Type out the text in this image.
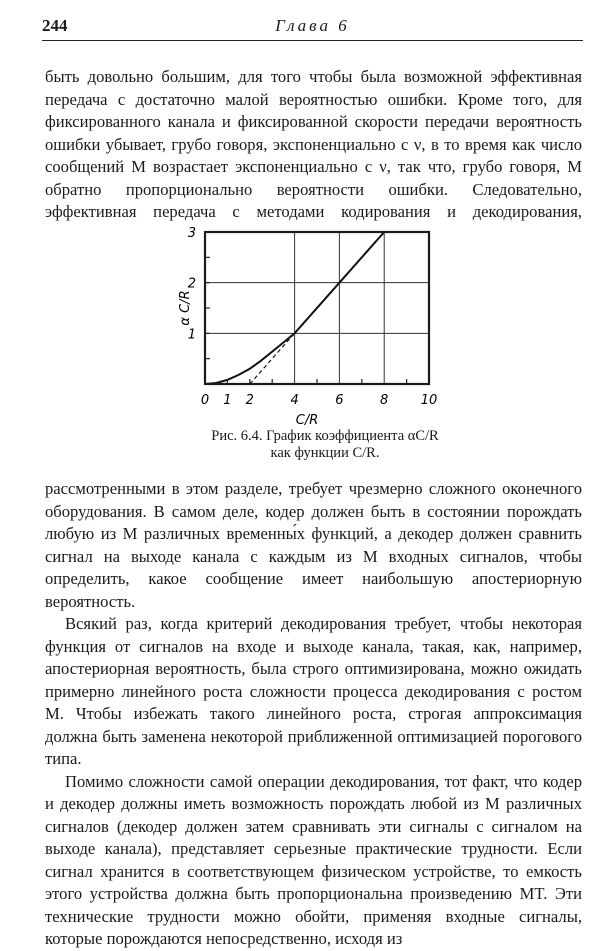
244	Глава 6

быть довольно большим, для того чтобы была возможной эффективная передача с достаточно малой вероятностью ошибки. Кроме того, для фиксированного канала и фиксированной скорости передачи вероятность ошибки убывает, грубо говоря, экспоненциально с ν, в то время как число сообщений M возрастает экспоненциально с ν, так что, грубо говоря, M обратно пропорционально вероятности ошибки. Следовательно, эффективная передача с методами кодирования и декодирования,

0 1 2	4	6	8 10
1
2
3
C/R
α C/R
Рис. 6.4. График коэффициента αC/R
как функции C/R.

рассмотренными в этом разделе, требует чрезмерно сложного оконечного оборудования. В самом деле, кодер должен быть в состоянии порождать любую из M различных временны́х функций, а декодер должен сравнить сигнал на выходе канала с каждым из M входных сигналов, чтобы определить, какое сообщение имеет наибольшую апостериорную вероятность.

Всякий раз, когда критерий декодирования требует, чтобы некоторая функция от сигналов на входе и выходе канала, такая, как, например, апостериорная вероятность, была строго оптимизирована, можно ожидать примерно линейного роста сложности процесса декодирования с ростом M. Чтобы избежать такого линейного роста, строгая аппроксимация должна быть заменена некоторой приближенной оптимизацией порогового типа.

Помимо сложности самой операции декодирования, тот факт, что кодер и декодер должны иметь возможность порождать любой из M различных сигналов (декодер должен затем сравнивать эти сигналы с сигналом на выходе канала), представляет серьезные практические трудности. Если сигнал хранится в соответствующем физическом устройстве, то емкость этого устройства должна быть пропорциональна произведению MT. Эти технические трудности можно обойти, применяя входные сигналы, которые порождаются непосредственно, исходя из
